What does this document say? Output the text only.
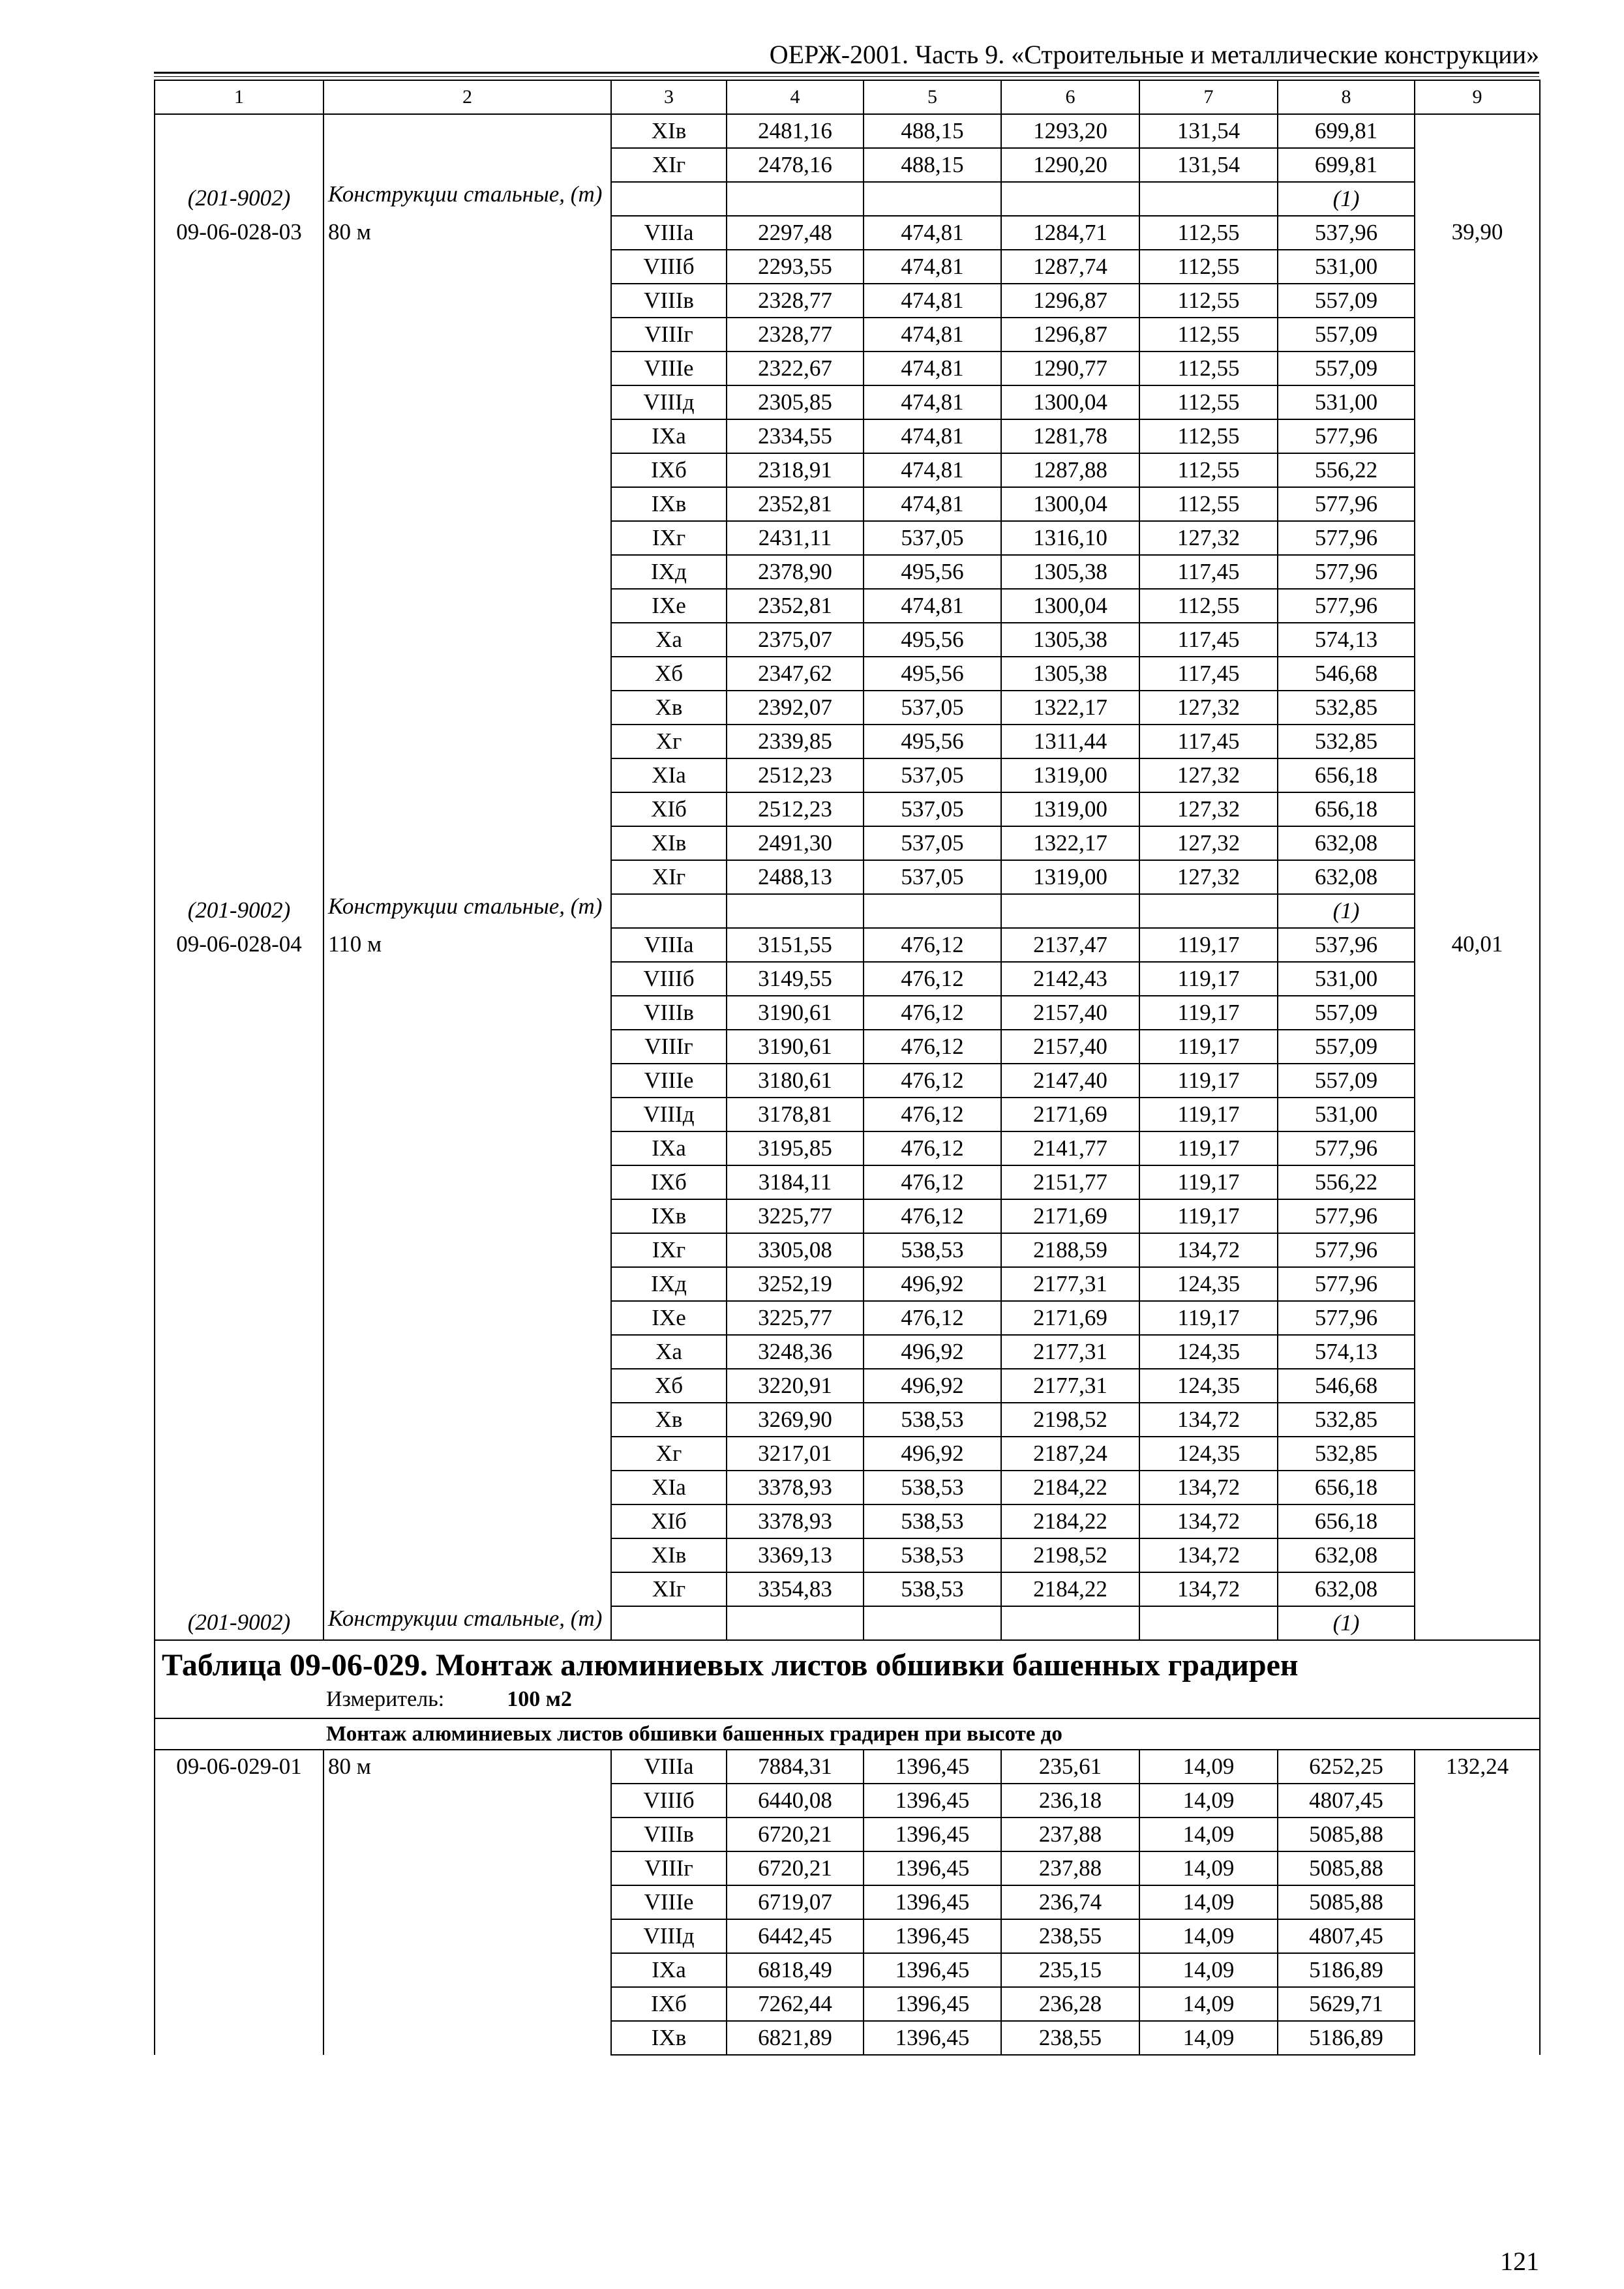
ОЕРЖ-2001. Часть 9. «Строительные и металлические конструкции»
1	2	3	4	5	6	7	8	9
		XIв	2481,16	488,15	1293,20	131,54	699,81	
		XIг	2478,16	488,15	1290,20	131,54	699,81	
(201-9002)	Конструкции стальные, (т)						(1)	
09-06-028-03	80 м	VIIIа	2297,48	474,81	1284,71	112,55	537,96	39,90
		VIIIб	2293,55	474,81	1287,74	112,55	531,00	
		VIIIв	2328,77	474,81	1296,87	112,55	557,09	
		VIIIг	2328,77	474,81	1296,87	112,55	557,09	
		VIIIе	2322,67	474,81	1290,77	112,55	557,09	
		VIIIд	2305,85	474,81	1300,04	112,55	531,00	
		IXа	2334,55	474,81	1281,78	112,55	577,96	
		IXб	2318,91	474,81	1287,88	112,55	556,22	
		IXв	2352,81	474,81	1300,04	112,55	577,96	
		IXг	2431,11	537,05	1316,10	127,32	577,96	
		IXд	2378,90	495,56	1305,38	117,45	577,96	
		IXе	2352,81	474,81	1300,04	112,55	577,96	
		Xа	2375,07	495,56	1305,38	117,45	574,13	
		Xб	2347,62	495,56	1305,38	117,45	546,68	
		Xв	2392,07	537,05	1322,17	127,32	532,85	
		Xг	2339,85	495,56	1311,44	117,45	532,85	
		XIа	2512,23	537,05	1319,00	127,32	656,18	
		XIб	2512,23	537,05	1319,00	127,32	656,18	
		XIв	2491,30	537,05	1322,17	127,32	632,08	
		XIг	2488,13	537,05	1319,00	127,32	632,08	
(201-9002)	Конструкции стальные, (т)						(1)	
09-06-028-04	110 м	VIIIа	3151,55	476,12	2137,47	119,17	537,96	40,01
		VIIIб	3149,55	476,12	2142,43	119,17	531,00	
		VIIIв	3190,61	476,12	2157,40	119,17	557,09	
		VIIIг	3190,61	476,12	2157,40	119,17	557,09	
		VIIIе	3180,61	476,12	2147,40	119,17	557,09	
		VIIIд	3178,81	476,12	2171,69	119,17	531,00	
		IXа	3195,85	476,12	2141,77	119,17	577,96	
		IXб	3184,11	476,12	2151,77	119,17	556,22	
		IXв	3225,77	476,12	2171,69	119,17	577,96	
		IXг	3305,08	538,53	2188,59	134,72	577,96	
		IXд	3252,19	496,92	2177,31	124,35	577,96	
		IXе	3225,77	476,12	2171,69	119,17	577,96	
		Xа	3248,36	496,92	2177,31	124,35	574,13	
		Xб	3220,91	496,92	2177,31	124,35	546,68	
		Xв	3269,90	538,53	2198,52	134,72	532,85	
		Xг	3217,01	496,92	2187,24	124,35	532,85	
		XIа	3378,93	538,53	2184,22	134,72	656,18	
		XIб	3378,93	538,53	2184,22	134,72	656,18	
		XIв	3369,13	538,53	2198,52	134,72	632,08	
		XIг	3354,83	538,53	2184,22	134,72	632,08	
(201-9002)	Конструкции стальные, (т)						(1)	
Таблица 09-06-029. Монтаж алюминиевых листов обшивки башенных градирен								
Измеритель: 100 м2								
Монтаж алюминиевых листов обшивки башенных градирен при высоте до								
09-06-029-01	80 м	VIIIа	7884,31	1396,45	235,61	14,09	6252,25	132,24
		VIIIб	6440,08	1396,45	236,18	14,09	4807,45	
		VIIIв	6720,21	1396,45	237,88	14,09	5085,88	
		VIIIг	6720,21	1396,45	237,88	14,09	5085,88	
		VIIIе	6719,07	1396,45	236,74	14,09	5085,88	
		VIIIд	6442,45	1396,45	238,55	14,09	4807,45	
		IXа	6818,49	1396,45	235,15	14,09	5186,89	
		IXб	7262,44	1396,45	236,28	14,09	5629,71	
		IXв	6821,89	1396,45	238,55	14,09	5186,89	
121
